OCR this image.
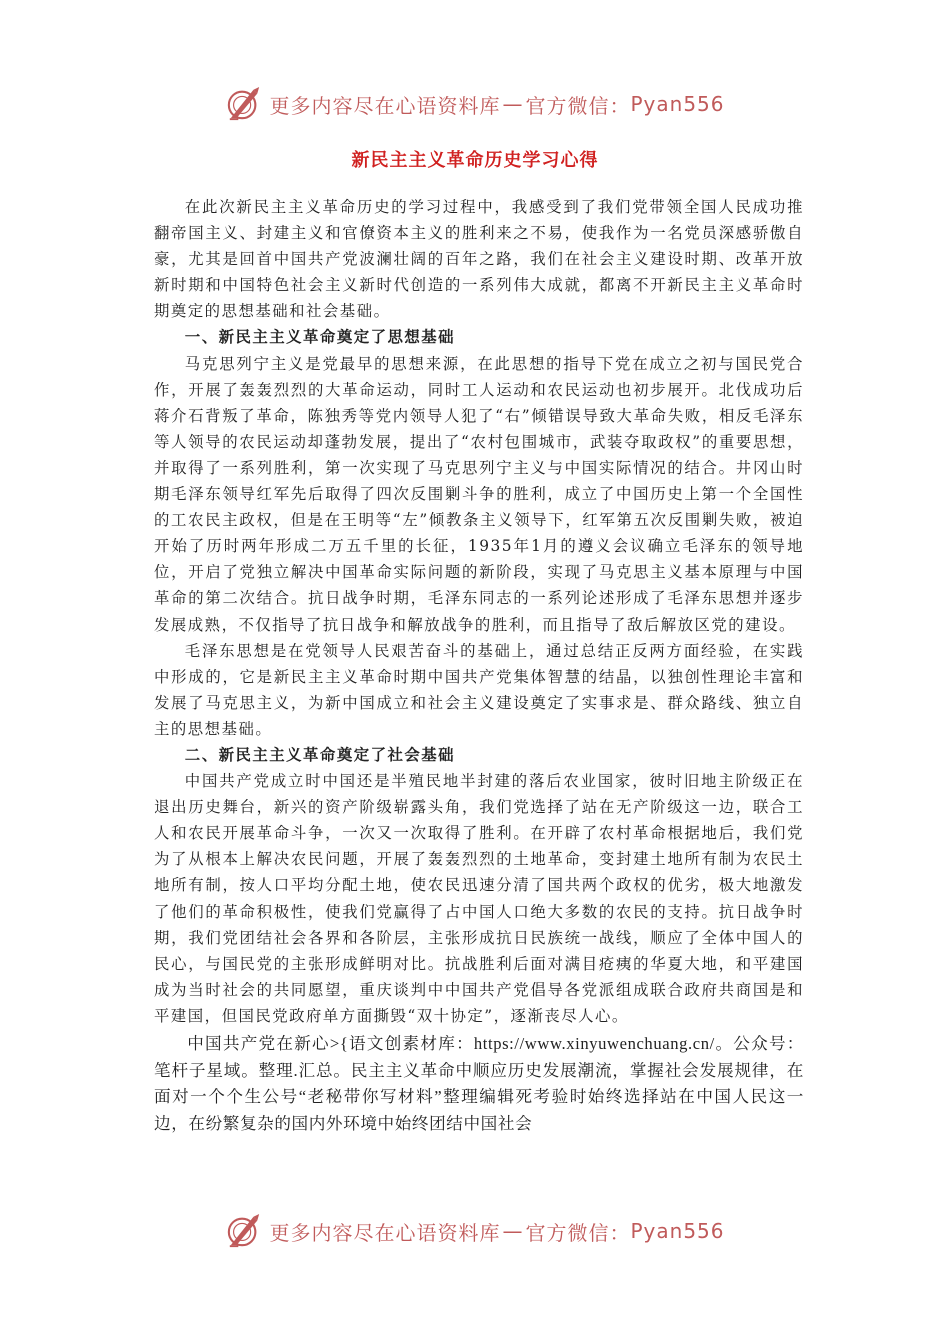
更多内容尽在心语资料库 — 官方微信： Pyan556
新民主主义革命历史学习心得

在此次新民主主义革命历史的学习过程中，我感受到了我们党带领全国人民成功推翻帝国主义、封建主义和官僚资本主义的胜利来之不易，使我作为一名党员深感骄傲自豪，尤其是回首中国共产党波澜壮阔的百年之路，我们在社会主义建设时期、改革开放新时期和中国特色社会主义新时代创造的一系列伟大成就，都离不开新民主主义革命时期奠定的思想基础和社会基础。

一、新民主主义革命奠定了思想基础

马克思列宁主义是党最早的思想来源，在此思想的指导下党在成立之初与国民党合作，开展了轰轰烈烈的大革命运动，同时工人运动和农民运动也初步展开。北伐成功后蒋介石背叛了革命，陈独秀等党内领导人犯了“右”倾错误导致大革命失败，相反毛泽东等人领导的农民运动却蓬勃发展，提出了“农村包围城市，武装夺取政权”的重要思想，并取得了一系列胜利，第一次实现了马克思列宁主义与中国实际情况的结合。井冈山时期毛泽东领导红军先后取得了四次反围剿斗争的胜利，成立了中国历史上第一个全国性的工农民主政权，但是在王明等“左”倾教条主义领导下，红军第五次反围剿失败，被迫开始了历时两年形成二万五千里的长征，1935年1月的遵义会议确立毛泽东的领导地位，开启了党独立解决中国革命实际问题的新阶段，实现了马克思主义基本原理与中国革命的第二次结合。抗日战争时期，毛泽东同志的一系列论述形成了毛泽东思想并逐步发展成熟，不仅指导了抗日战争和解放战争的胜利，而且指导了敌后解放区党的建设。

毛泽东思想是在党领导人民艰苦奋斗的基础上，通过总结正反两方面经验，在实践中形成的，它是新民主主义革命时期中国共产党集体智慧的结晶，以独创性理论丰富和发展了马克思主义，为新中国成立和社会主义建设奠定了实事求是、群众路线、独立自主的思想基础。

二、新民主主义革命奠定了社会基础

中国共产党成立时中国还是半殖民地半封建的落后农业国家，彼时旧地主阶级正在退出历史舞台，新兴的资产阶级崭露头角，我们党选择了站在无产阶级这一边，联合工人和农民开展革命斗争，一次又一次取得了胜利。在开辟了农村革命根据地后，我们党为了从根本上解决农民问题，开展了轰轰烈烈的土地革命，变封建土地所有制为农民土地所有制，按人口平均分配土地，使农民迅速分清了国共两个政权的优劣，极大地激发了他们的革命积极性，使我们党赢得了占中国人口绝大多数的农民的支持。抗日战争时期，我们党团结社会各界和各阶层，主张形成抗日民族统一战线，顺应了全体中国人的民心，与国民党的主张形成鲜明对比。抗战胜利后面对满目疮痍的华夏大地，和平建国成为当时社会的共同愿望，重庆谈判中中国共产党倡导各党派组成联合政府共商国是和平建国，但国民党政府单方面撕毁“双十协定”，逐渐丧尽人心。

中国共产党在新心>{语文创素材库：https://www.xinyuwenchuang.cn/。公众号：笔杆子星域。整理.汇总。民主主义革命中顺应历史发展潮流，掌握社会发展规律，在面对一个个生公号“老秘带你写材料”整理编辑死考验时始终选择站在中国人民这一边，在纷繁复杂的国内外环境中始终团结中国社会

更多内容尽在心语资料库 — 官方微信： Pyan556
